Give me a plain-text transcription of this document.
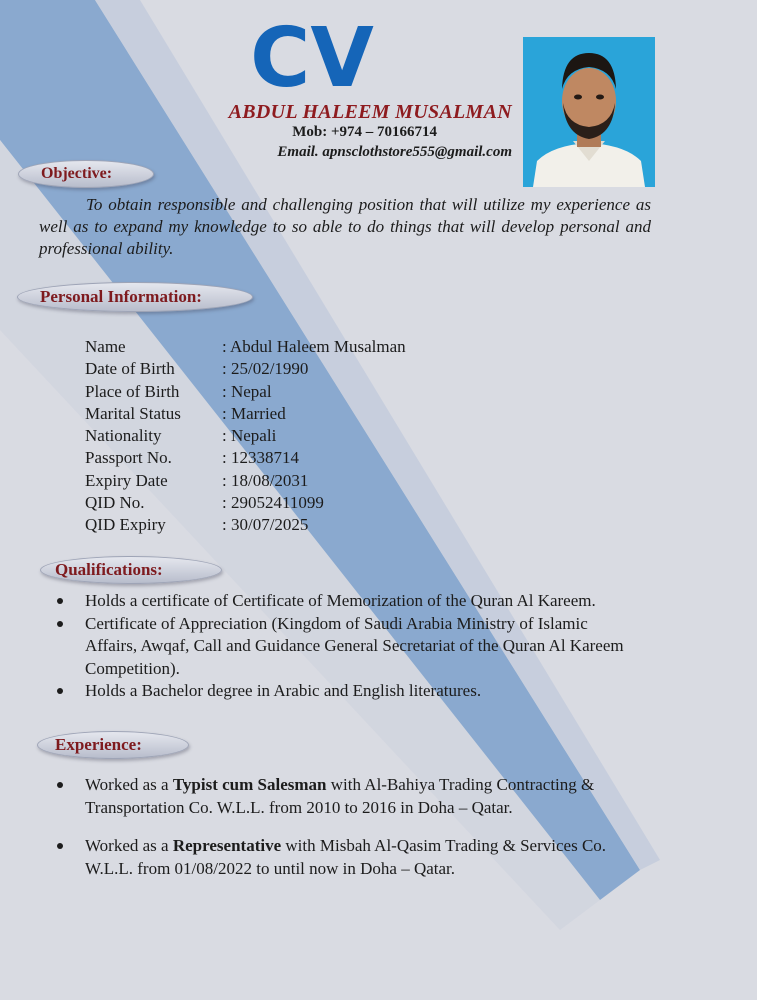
CV
ABDUL HALEEM MUSALMAN
Mob: +974 – 70166714
Email. apnsclothstore555@gmail.com
Objective:
To obtain responsible and challenging position that will utilize my experience as well as to expand my knowledge to so able to do things that will develop personal and professional ability.
Personal Information:
Name	: Abdul Haleem Musalman
Date of Birth	: 25/02/1990
Place of Birth	: Nepal
Marital Status	: Married
Nationality	: Nepali
Passport No.	: 12338714
Expiry Date	: 18/08/2031
QID No.	: 29052411099
QID Expiry	: 30/07/2025
Qualifications:
Holds a certificate of Certificate of Memorization of the Quran Al Kareem.
Certificate of Appreciation (Kingdom of Saudi Arabia Ministry of Islamic Affairs, Awqaf, Call and Guidance General Secretariat of the Quran Al Kareem Competition).
Holds a Bachelor degree in Arabic and English literatures.
Experience:
Worked as a Typist cum Salesman with Al-Bahiya Trading Contracting & Transportation Co. W.L.L. from 2010 to 2016 in Doha – Qatar.
Worked as a Representative with Misbah Al-Qasim Trading & Services Co. W.L.L. from 01/08/2022 to until now in Doha – Qatar.
